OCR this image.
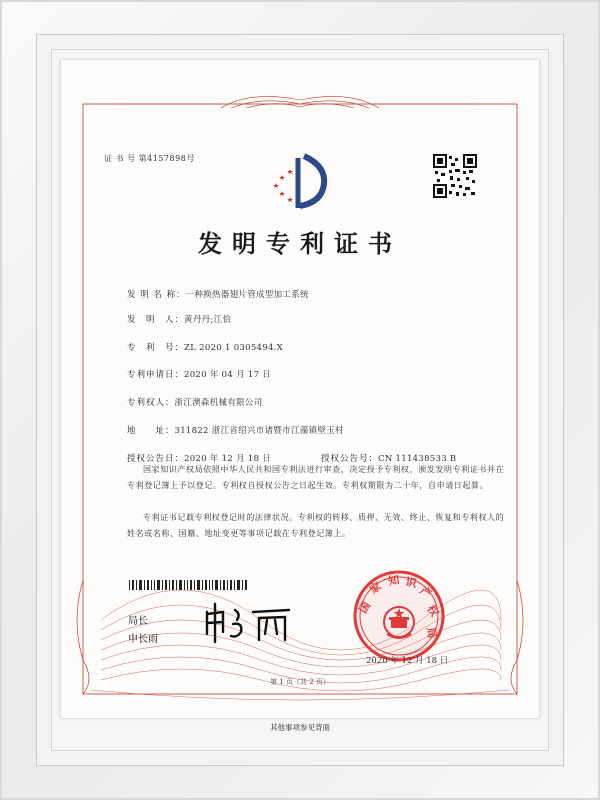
证 书 号 第4157898号
发明专利证书
发 明 名 称：一种换热器翅片管成型加工系统
发　明　人：黄丹丹;江恰
专　利　号：ZL 2020 1 0305494.X
专利申请日：2020 年 04 月 17 日
专利权人：浙江澳森机械有限公司
地　　址：311822 浙江省绍兴市诸暨市江藻镇壁玉村
授权公告日：2020 年 12 月 18 日	授权公告号：CN 111438533 B
国家知识产权局依照中华人民共和国专利法进行审查，决定授予专利权，颁发发明专利证书并在专利登记簿上予以登记。专利权自授权公告之日起生效。专利权期限为二十年，自申请日起算。
专利证书记载专利权登记时的法律状况。专利权的转移、质押、无效、终止、恢复和专利权人的姓名或名称、国籍、地址变更等事项记载在专利登记簿上。
局长
申长雨
国
家 知 识
产
权
局
2020 年 12 月 18 日
第 1 页（共 2 页）
其他事项参见背面
